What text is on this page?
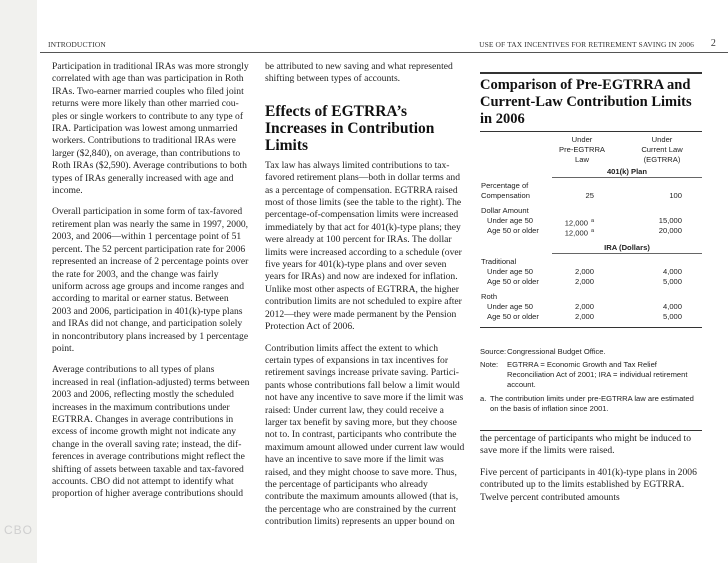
CBO
INTRODUCTION	USE OF TAX INCENTIVES FOR RETIREMENT SAVING IN 2006 2

Participation in traditional IRAs was more strongly correlated with age than was participation in Roth IRAs. Two-earner married couples who filed joint returns were more likely than other married couples or single workers to contribute to any type of IRA. Participation was lowest among unmarried workers. Contributions to traditional IRAs were larger ($2,840), on average, than contributions to Roth IRAs ($2,590). Average contributions to both types of IRAs generally increased with age and income.

Overall participation in some form of tax-favored retirement plan was nearly the same in 1997, 2000, 2003, and 2006—within 1 percentage point of 51 percent. The 52 percent participation rate for 2006 represented an increase of 2 percentage points over the rate for 2003, and the change was fairly uniform across age groups and income ranges and according to marital or earner status. Between 2003 and 2006, participation in 401(k)-type plans and IRAs did not change, and participation solely in noncontributory plans increased by 1 percentage point.

Average contributions to all types of plans increased in real (inflation-adjusted) terms between 2003 and 2006, reflecting mostly the scheduled increases in the maximum contributions under EGTRRA. Changes in average contributions in excess of income growth might not indicate any change in the overall saving rate; instead, the differences in average contributions might reflect the shifting of assets between taxable and tax-favored accounts. CBO did not attempt to identify what proportion of higher average contributions should

be attributed to new saving and what represented shifting between types of accounts.

Effects of EGTRRA’s Increases in Contribution Limits

Tax law has always limited contributions to tax-favored retirement plans—both in dollar terms and as a percentage of compensation. EGTRRA raised most of those limits (see the table to the right). The percentage-of-compensation limits were increased immediately by that act for 401(k)-type plans; they were already at 100 percent for IRAs. The dollar limits were increased according to a schedule (over five years for 401(k)-type plans and over seven years for IRAs) and now are indexed for inflation. Unlike most other aspects of EGTRRA, the higher contribution limits are not scheduled to expire after 2012—they were made permanent by the Pension Protection Act of 2006.

Contribution limits affect the extent to which certain types of expansions in tax incentives for retirement savings increase private saving. Participants whose contributions fall below a limit would not have any incentive to save more if the limit was raised: Under current law, they could receive a larger tax benefit by saving more, but they choose not to. In contrast, participants who contribute the maximum amount allowed under current law would have an incentive to save more if the limit was raised, and they might choose to save more. Thus, the percentage of participants who already contribute the maximum amounts allowed (that is, the percentage who are constrained by the current contribution limits) represents an upper bound on

Comparison of Pre-EGTRRA and Current-Law Contribution Limits in 2006
Under
Pre-EGTRRA
Law
Under
Current Law
(EGTRRA)
401(k) Plan
Percentage of
Compensation	25	100
Dollar Amount
Under age 50	12,000 $^a$	15,000
Age 50 or older	12,000 $^a$	20,000
IRA (Dollars)
Traditional
Under age 50	2,000	4,000
Age 50 or older	2,000	5,000
Roth
Under age 50	2,000	4,000
Age 50 or older	2,000	5,000
Source: Congressional Budget Office.
Note: EGTRRA = Economic Growth and Tax Relief Reconciliation Act of 2001; IRA = individual retirement account.
a. The contribution limits under pre-EGTRRA law are estimated on the basis of inflation since 2001.

the percentage of participants who might be induced to save more if the limits were raised.

Five percent of participants in 401(k)-type plans in 2006 contributed up to the limits established by EGTRRA. Twelve percent contributed amounts
